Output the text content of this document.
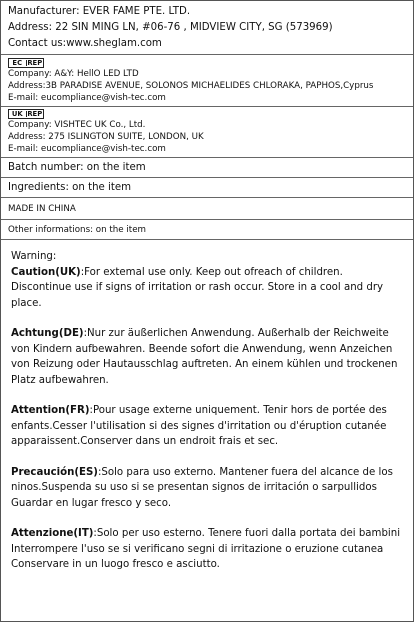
Manufacturer: EVER FAME PTE. LTD.
Address: 22 SIN MING LN, #06-76 , MIDVIEW CITY, SG (573969)
Contact us:www.sheglam.com
EC REP
Company: A&Y: HellO LED LTD
Address:3B PARADISE AVENUE, SOLONOS MICHAELIDES CHLORAKA, PAPHOS,Cyprus
E-mail: eucompliance@vish-tec.com
UK REP
Company: VISHTEC UK Co., Ltd.
Address: 275 ISLINGTON SUITE, LONDON, UK
E-mail: eucompliance@vish-tec.com
Batch number: on the item
Ingredients: on the item
MADE IN CHINA
Other informations: on the item

Warning:

Caution(UK):For extemal use only. Keep out ofreach of children. Discontinue use if signs of irritation or rash occur. Store in a cool and dry place.

Achtung(DE):Nur zur äußerlichen Anwendung. Außerhalb der Reichweite von Kindern aufbewahren. Beende sofort die Anwendung, wenn Anzeichen von Reizung oder Hautausschlag auftreten. An einem kühlen und trockenen Platz aufbewahren.

Attention(FR):Pour usage externe uniquement. Tenir hors de portée des enfants.Cesser l'utilisation si des signes d'irritation ou d'éruption cutanée apparaissent.Conserver dans un endroit frais et sec.

Precaución(ES):Solo para uso externo. Mantener fuera del alcance de los ninos.Suspenda su uso si se presentan signos de irritación o sarpullidos Guardar en lugar fresco y seco.

Attenzione(IT):Solo per uso esterno. Tenere fuori dalla portata dei bambini Interrompere l'uso se si verificano segni di irritazione o eruzione cutanea Conservare in un luogo fresco e asciutto.
